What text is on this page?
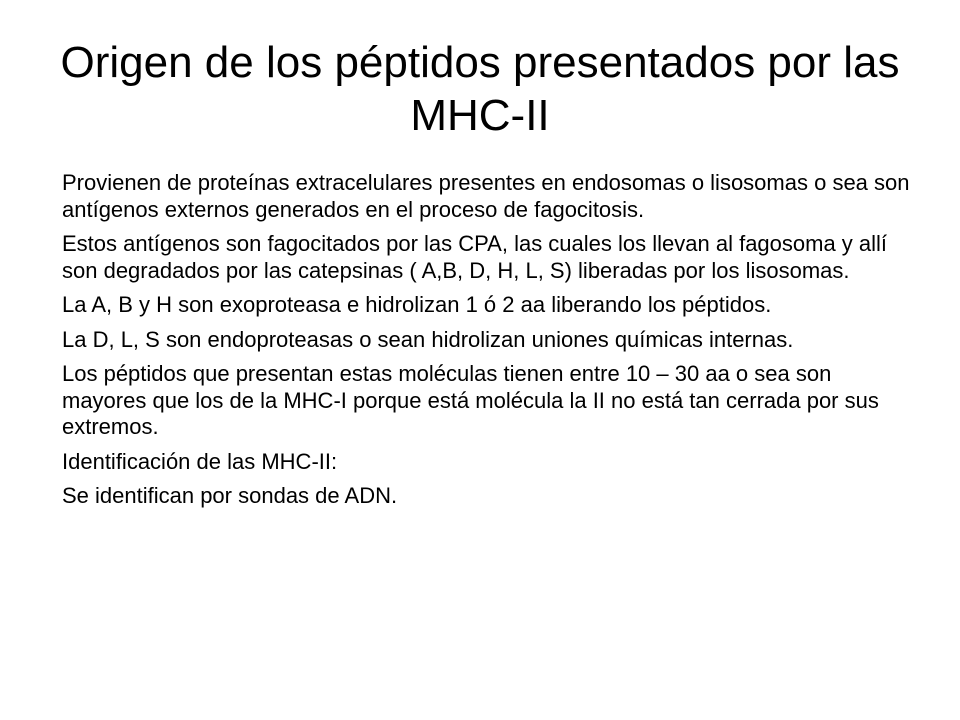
Origen de los péptidos presentados por las MHC-II
Provienen de proteínas extracelulares presentes en endosomas o lisosomas o sea son antígenos externos generados en el proceso de fagocitosis.
Estos antígenos son fagocitados por las CPA, las cuales los llevan al fagosoma y allí son degradados por las catepsinas ( A,B, D, H, L, S) liberadas por los lisosomas.
La A, B y H son exoproteasa e hidrolizan 1 ó 2 aa liberando los péptidos.
La D, L, S son endoproteasas o sean hidrolizan uniones químicas internas.
Los péptidos que presentan estas moléculas tienen entre 10 – 30 aa o sea son mayores que los de la MHC-I porque está molécula la II no está tan cerrada por sus extremos.
Identificación de las MHC-II:
Se identifican por sondas de ADN.
